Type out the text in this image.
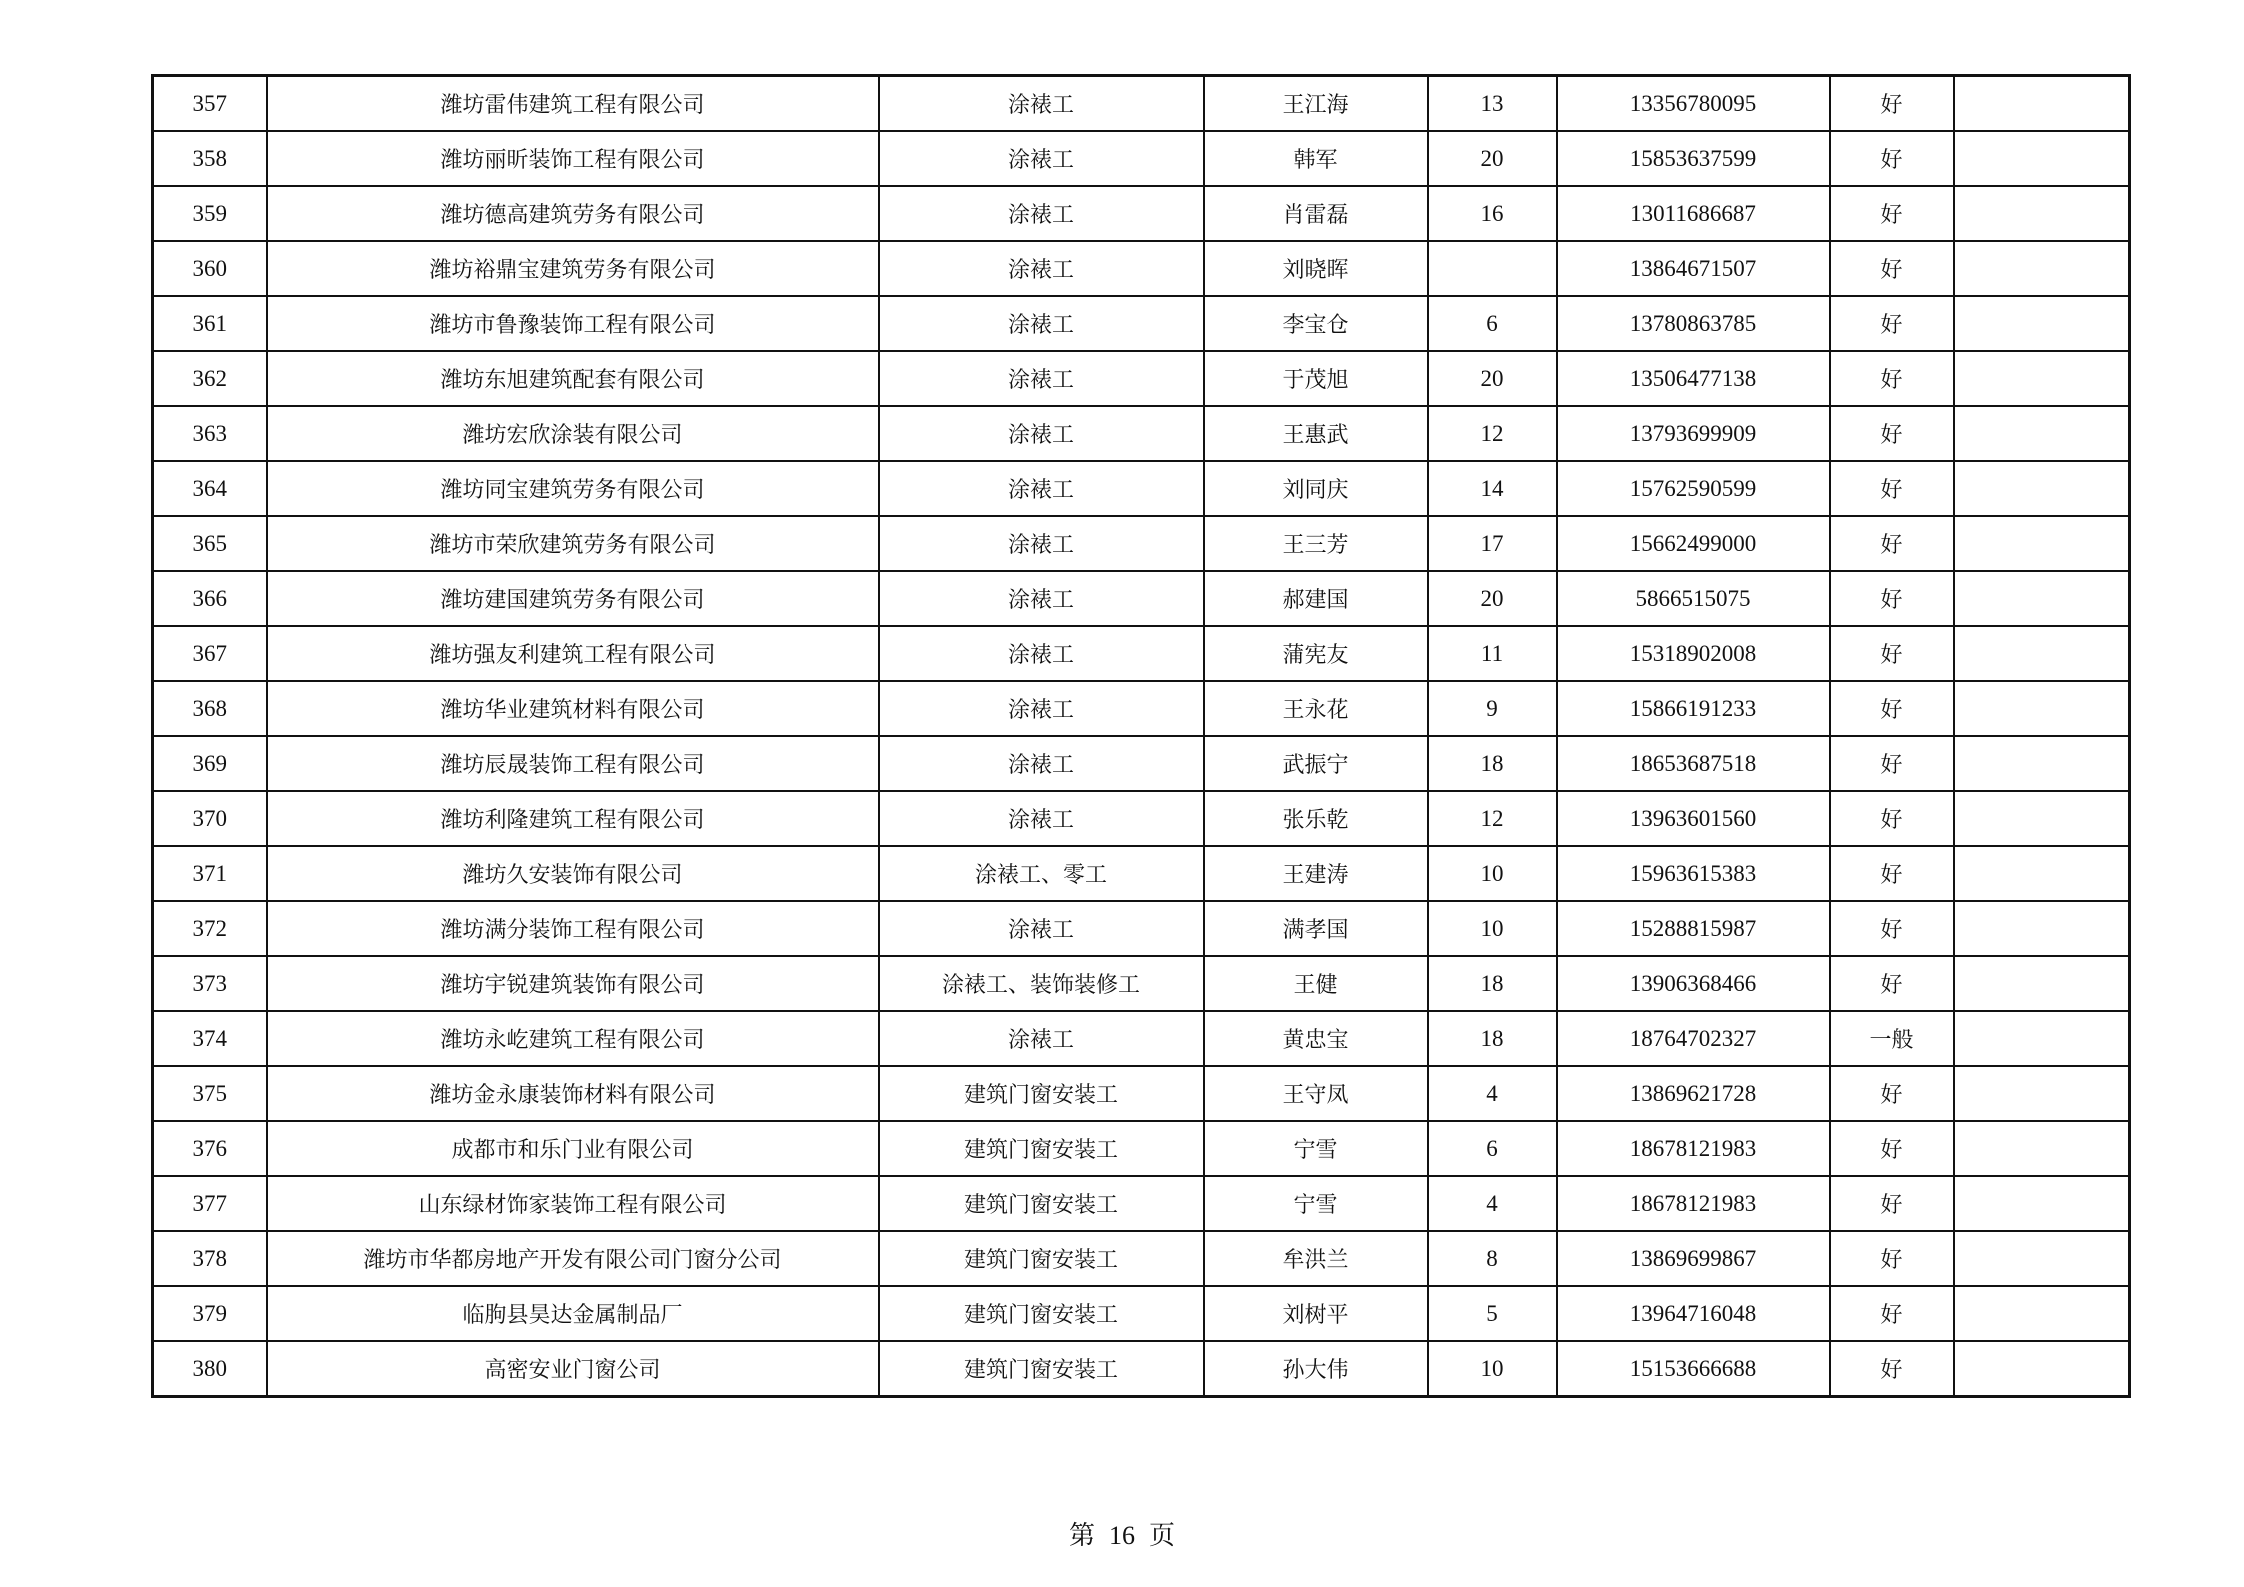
357	潍坊雷伟建筑工程有限公司	涂裱工	王江海	13	13356780095	好	
358	潍坊丽昕装饰工程有限公司	涂裱工	韩军	20	15853637599	好	
359	潍坊德高建筑劳务有限公司	涂裱工	肖雷磊	16	13011686687	好	
360	潍坊裕鼎宝建筑劳务有限公司	涂裱工	刘晓晖		13864671507	好	
361	潍坊市鲁豫装饰工程有限公司	涂裱工	李宝仓	6	13780863785	好	
362	潍坊东旭建筑配套有限公司	涂裱工	于茂旭	20	13506477138	好	
363	潍坊宏欣涂装有限公司	涂裱工	王惠武	12	13793699909	好	
364	潍坊同宝建筑劳务有限公司	涂裱工	刘同庆	14	15762590599	好	
365	潍坊市荣欣建筑劳务有限公司	涂裱工	王三芳	17	15662499000	好	
366	潍坊建国建筑劳务有限公司	涂裱工	郝建国	20	5866515075	好	
367	潍坊强友利建筑工程有限公司	涂裱工	蒲宪友	11	15318902008	好	
368	潍坊华业建筑材料有限公司	涂裱工	王永花	9	15866191233	好	
369	潍坊辰晟装饰工程有限公司	涂裱工	武振宁	18	18653687518	好	
370	潍坊利隆建筑工程有限公司	涂裱工	张乐乾	12	13963601560	好	
371	潍坊久安装饰有限公司	涂裱工、零工	王建涛	10	15963615383	好	
372	潍坊满分装饰工程有限公司	涂裱工	满孝国	10	15288815987	好	
373	潍坊宇锐建筑装饰有限公司	涂裱工、装饰装修工	王健	18	13906368466	好	
374	潍坊永屹建筑工程有限公司	涂裱工	黄忠宝	18	18764702327	一般	
375	潍坊金永康装饰材料有限公司	建筑门窗安装工	王守凤	4	13869621728	好	
376	成都市和乐门业有限公司	建筑门窗安装工	宁雪	6	18678121983	好	
377	山东绿材饰家装饰工程有限公司	建筑门窗安装工	宁雪	4	18678121983	好	
378	潍坊市华都房地产开发有限公司门窗分公司	建筑门窗安装工	牟洪兰	8	13869699867	好	
379	临朐县昊达金属制品厂	建筑门窗安装工	刘树平	5	13964716048	好	
380	高密安业门窗公司	建筑门窗安装工	孙大伟	10	15153666688	好	
第 16 页
